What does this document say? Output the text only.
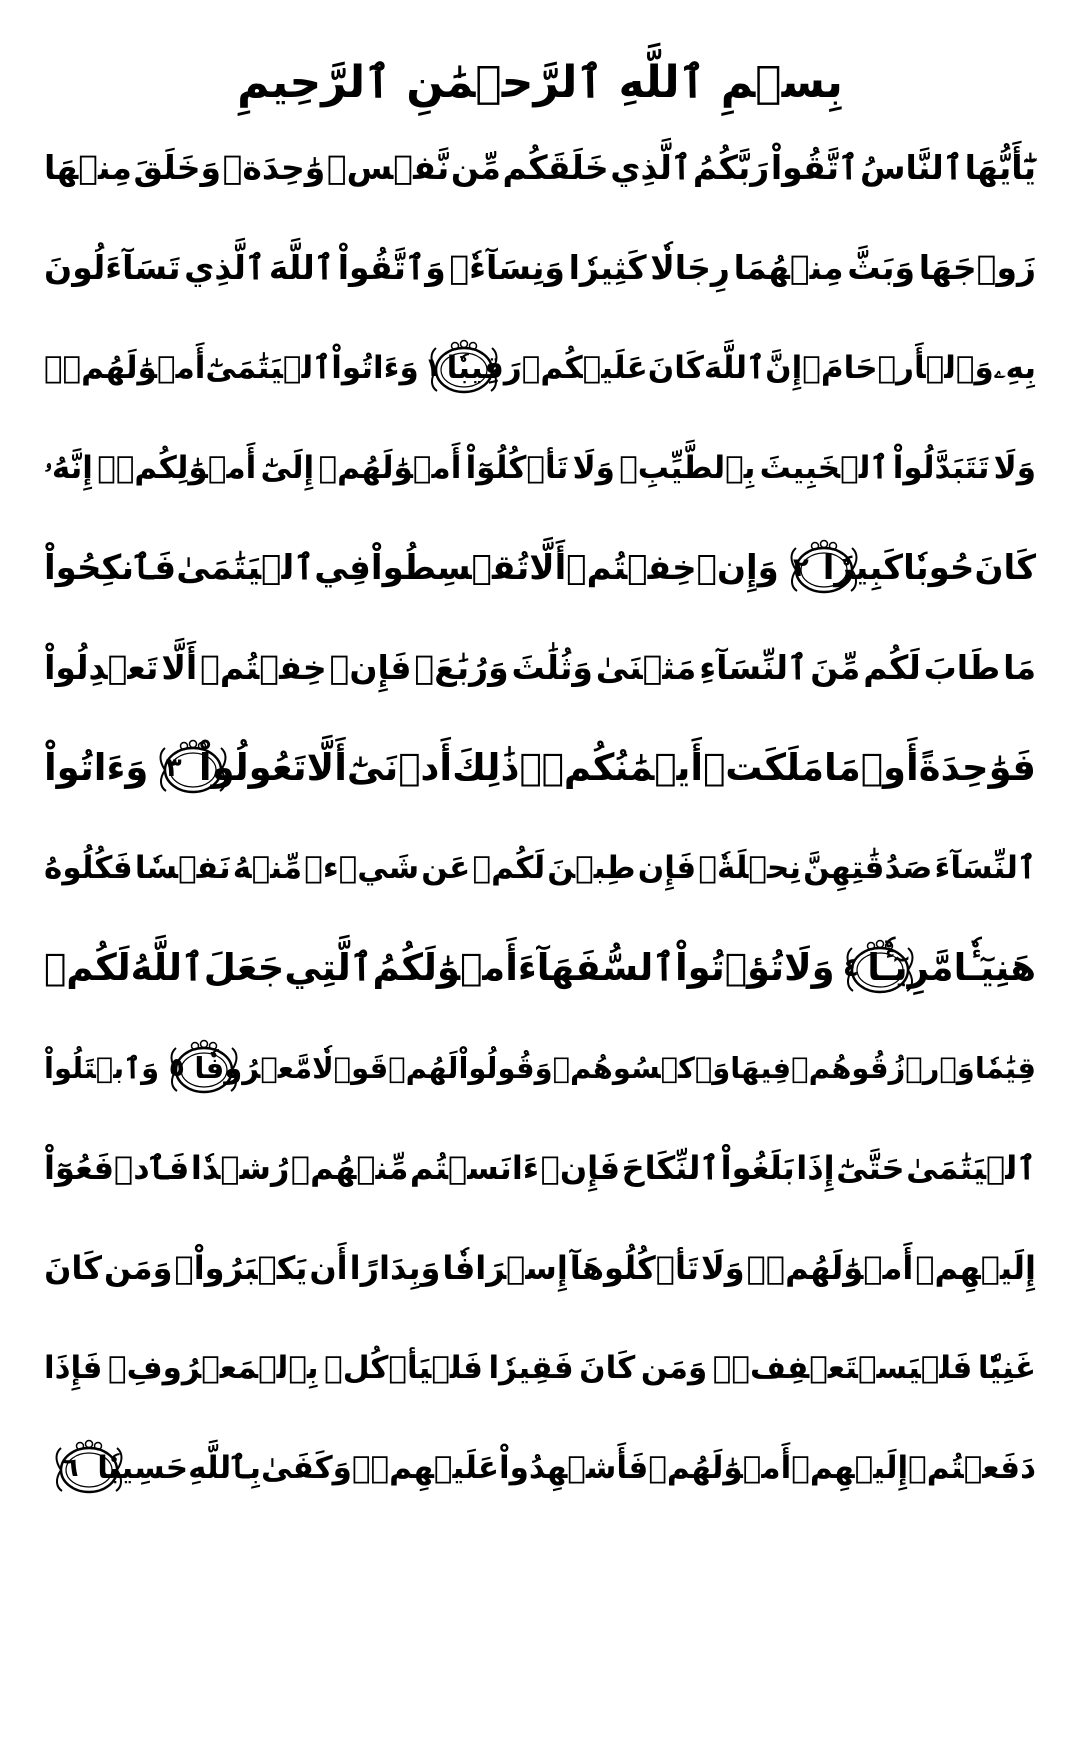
بِسۡمِ ٱللَّهِ ٱلرَّحۡمَٰنِ ٱلرَّحِيمِ
يَٰٓأَيُّهَا
ٱلنَّاسُ
ٱتَّقُواْ
رَبَّكُمُ
ٱلَّذِي
خَلَقَكُم
مِّن
نَّفۡسٖ
وَٰحِدَةٖ
وَخَلَقَ
مِنۡهَا
زَوۡجَهَا
وَبَثَّ
مِنۡهُمَا
رِجَالٗا
كَثِيرٗا
وَنِسَآءٗۚ
وَٱتَّقُواْ
ٱللَّهَ
ٱلَّذِي
تَسَآءَلُونَ
بِهِۦ
وَٱلۡأَرۡحَامَۚ
إِنَّ
ٱللَّهَ
كَانَ
عَلَيۡكُمۡ
رَقِيبٗا
١
وَءَاتُواْ
ٱلۡيَتَٰمَىٰٓ
أَمۡوَٰلَهُمۡۖ
وَلَا
تَتَبَدَّلُواْ
ٱلۡخَبِيثَ
بِٱلطَّيِّبِۖ
وَلَا
تَأۡكُلُوٓاْ
أَمۡوَٰلَهُمۡ
إِلَىٰٓ
أَمۡوَٰلِكُمۡۚ
إِنَّهُۥ
كَانَ
حُوبٗا
كَبِيرٗا
٢
وَإِنۡ
خِفۡتُمۡ
أَلَّا
تُقۡسِطُواْ
فِي
ٱلۡيَتَٰمَىٰ
فَٱنكِحُواْ
مَا
طَابَ
لَكُم
مِّنَ
ٱلنِّسَآءِ
مَثۡنَىٰ
وَثُلَٰثَ
وَرُبَٰعَۖ
فَإِنۡ
خِفۡتُمۡ
أَلَّا
تَعۡدِلُواْ
فَوَٰحِدَةً
أَوۡ
مَا
مَلَكَتۡ
أَيۡمَٰنُكُمۡۚ
ذَٰلِكَ
أَدۡنَىٰٓ
أَلَّا
تَعُولُواْ
٣
وَءَاتُواْ
ٱلنِّسَآءَ
صَدُقَٰتِهِنَّ
نِحۡلَةٗۚ
فَإِن
طِبۡنَ
لَكُمۡ
عَن
شَيۡءٖ
مِّنۡهُ
نَفۡسٗا
فَكُلُوهُ
هَنِيٓـٔٗا
مَّرِيٓـٔٗا
٤
وَلَا
تُؤۡتُواْ
ٱلسُّفَهَآءَ
أَمۡوَٰلَكُمُ
ٱلَّتِي
جَعَلَ
ٱللَّهُ
لَكُمۡ
قِيَٰمٗا
وَٱرۡزُقُوهُمۡ
فِيهَا
وَٱكۡسُوهُمۡ
وَقُولُواْ
لَهُمۡ
قَوۡلٗا
مَّعۡرُوفٗا
٥
وَٱبۡتَلُواْ
ٱلۡيَتَٰمَىٰ
حَتَّىٰٓ
إِذَا
بَلَغُواْ
ٱلنِّكَاحَ
فَإِنۡ
ءَانَسۡتُم
مِّنۡهُمۡ
رُشۡدٗا
فَٱدۡفَعُوٓاْ
إِلَيۡهِمۡ
أَمۡوَٰلَهُمۡۖ
وَلَا
تَأۡكُلُوهَآ
إِسۡرَافٗا
وَبِدَارًا
أَن
يَكۡبَرُواْۚ
وَمَن
كَانَ
غَنِيّٗا
فَلۡيَسۡتَعۡفِفۡۖ
وَمَن
كَانَ
فَقِيرٗا
فَلۡيَأۡكُلۡ
بِٱلۡمَعۡرُوفِۚ
فَإِذَا
دَفَعۡتُمۡ
إِلَيۡهِمۡ
أَمۡوَٰلَهُمۡ
فَأَشۡهِدُواْ
عَلَيۡهِمۡۚ
وَكَفَىٰ
بِٱللَّهِ
حَسِيبٗا
٦
